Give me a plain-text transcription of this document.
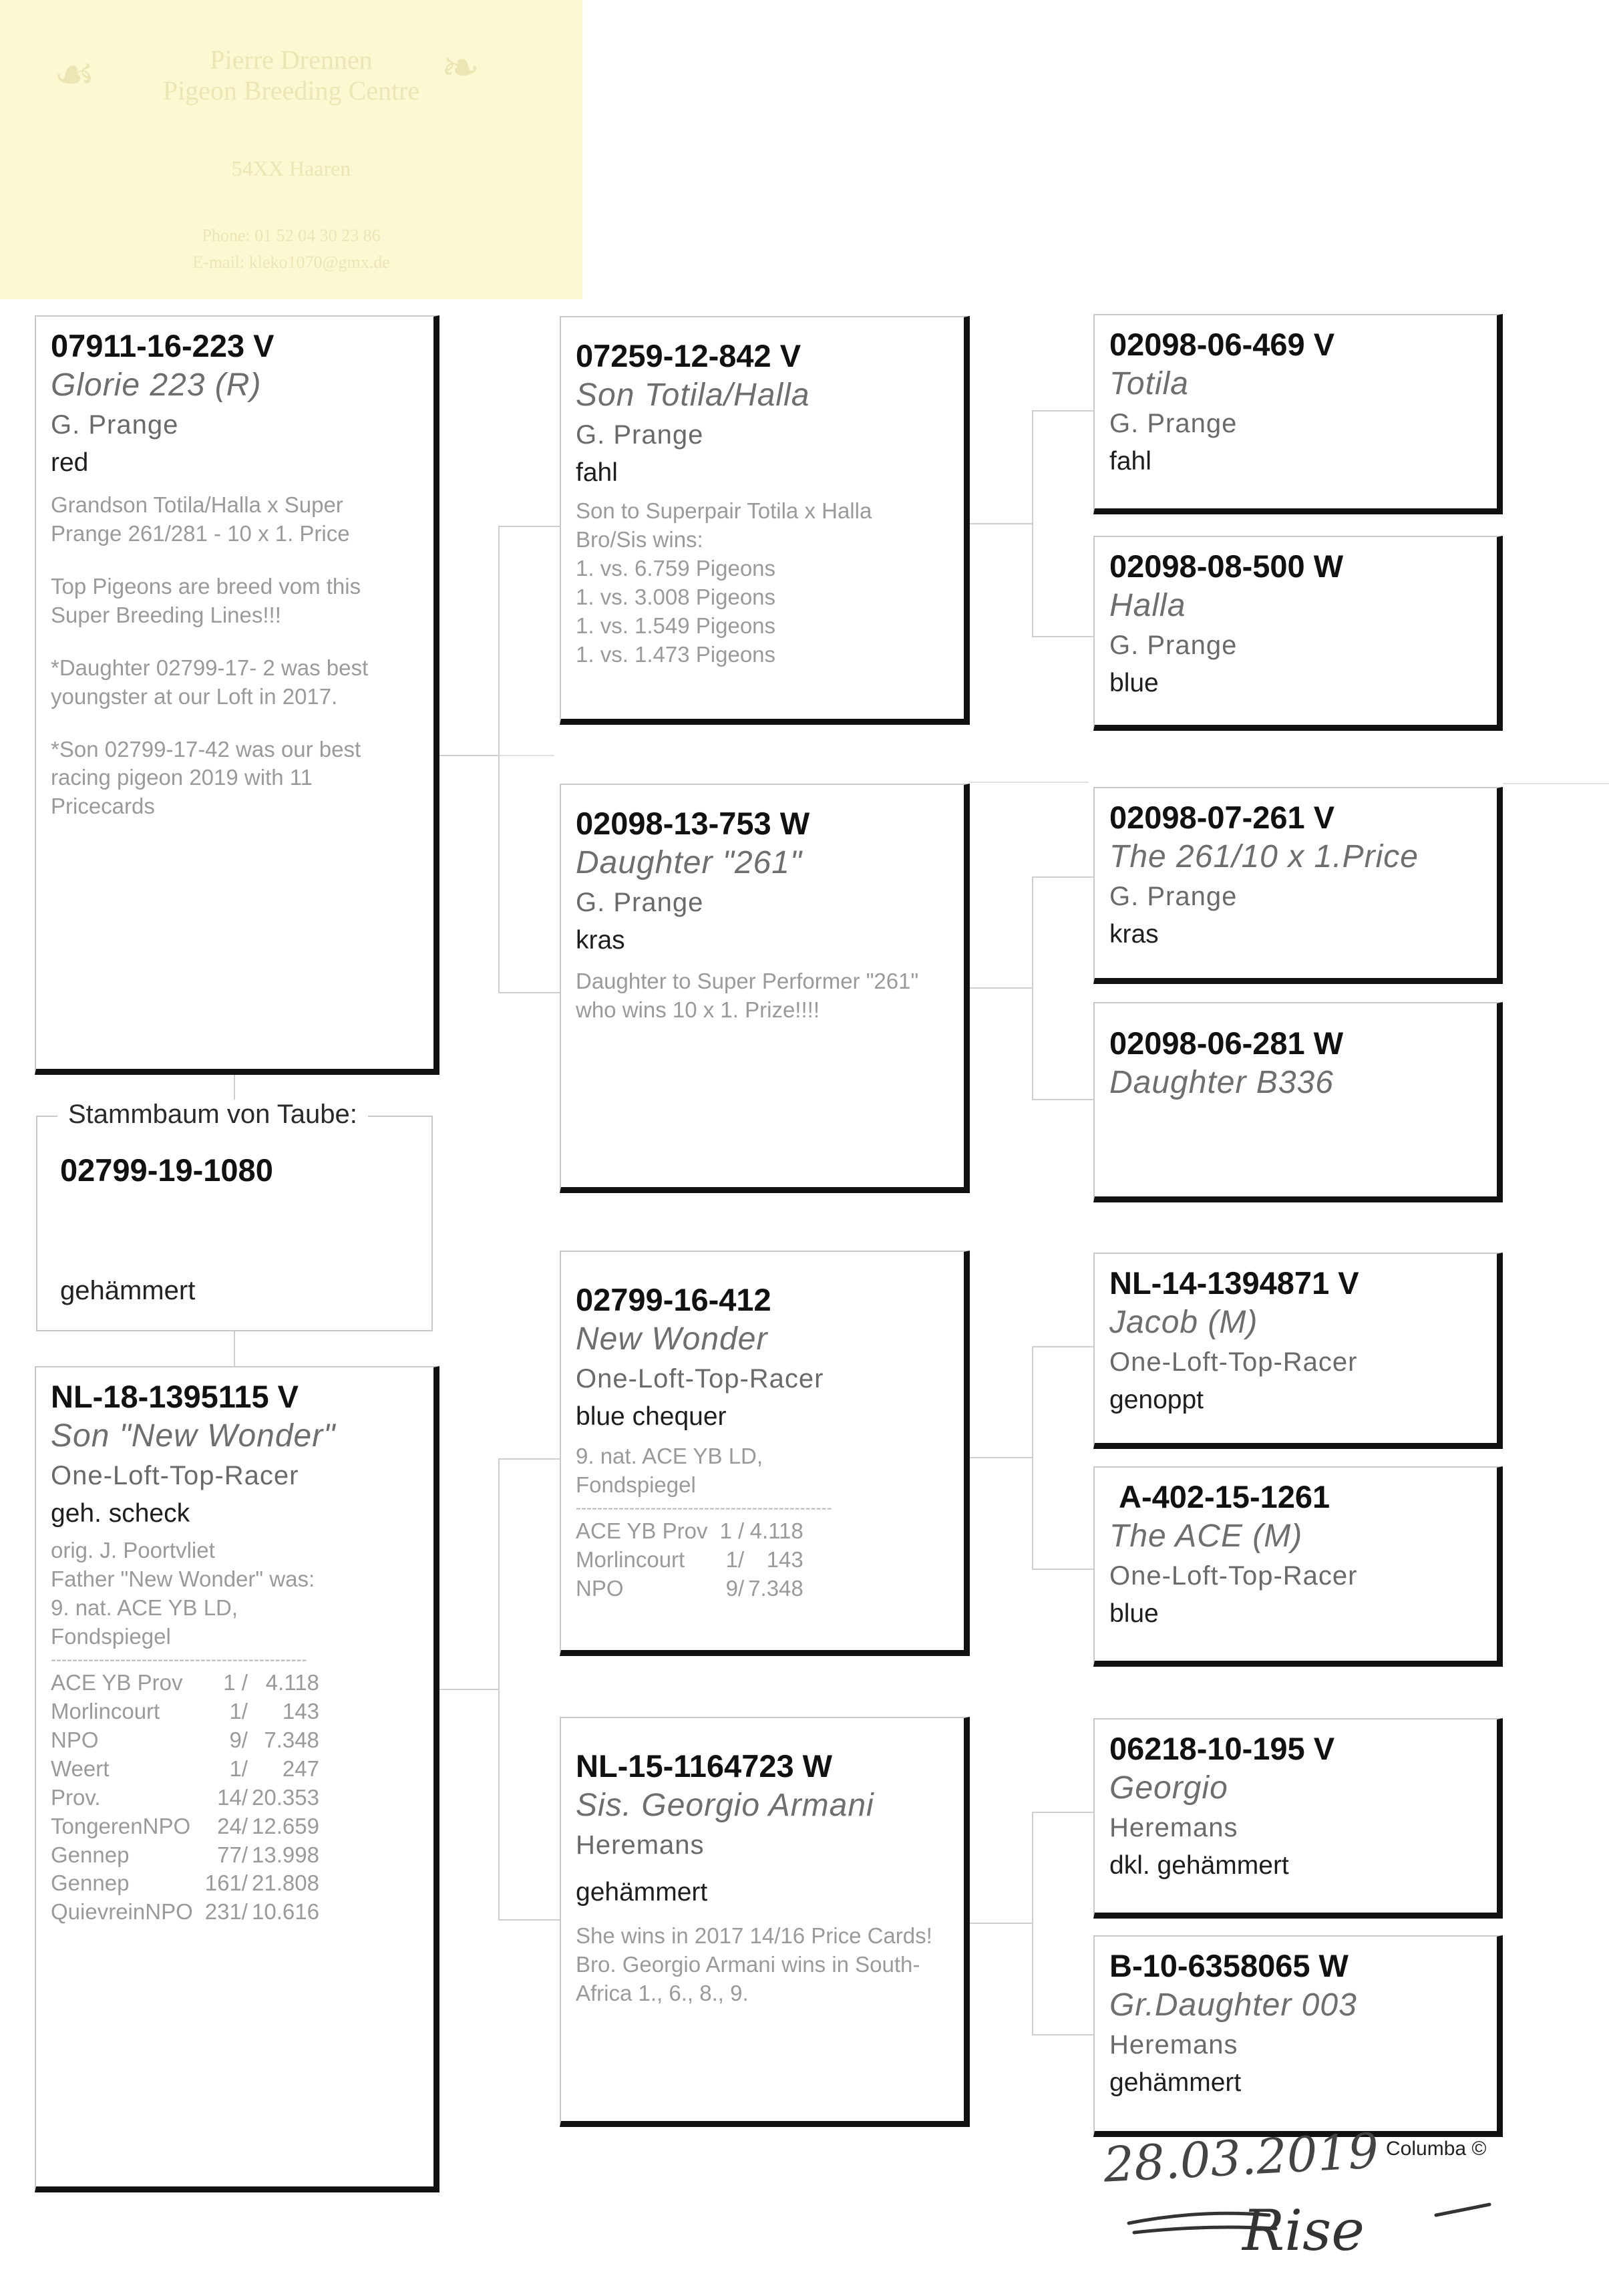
☙	❧
Pierre Drennen
Pigeon Breeding Centre
54XX Haaren
Phone: 01 52 04 30 23 86
E-mail: kleko1070@gmx.de
07911-16-223 V
Glorie 223 (R)
G. Prange
red

Grandson Totila/Halla x Super Prange 261/281 - 10 x 1. Price

Top Pigeons are breed vom this Super Breeding Lines!!!

*Daughter 02799-17- 2 was best youngster at our Loft in 2017.

*Son 02799-17-42 was our best racing pigeon 2019 with 11 Pricecards

Stammbaum von Taube:
02799-19-1080
gehämmert
NL-18-1395115 V
Son "New Wonder"
One-Loft-Top-Racer
geh. scheck

orig. J. Poortvliet

Father "New Wonder" was:

9. nat. ACE YB LD,

Fondspiegel

------------------------------------------------
ACE YB Prov	1 /	4.118
Morlincourt	1/	143
NPO	9/	7.348
Weert	1/	247
Prov.	14/	20.353
TongerenNPO	24/	12.659
Gennep	77/	13.998
Gennep	161/	21.808
QuievreinNPO	231/	10.616
07259-12-842 V
Son Totila/Halla
G. Prange
fahl

Son to Superpair Totila x Halla

Bro/Sis wins:

1. vs. 6.759 Pigeons

1. vs. 3.008 Pigeons

1. vs. 1.549 Pigeons

1. vs. 1.473 Pigeons

02098-13-753 W
Daughter "261"
G. Prange
kras

Daughter to Super Performer "261" who wins 10 x 1. Prize!!!!

02799-16-412
New Wonder
One-Loft-Top-Racer
blue chequer

9. nat. ACE YB LD,

Fondspiegel

------------------------------------------------
ACE YB Prov	1 /	4.118
Morlincourt	1/	143
NPO	9/	7.348
NL-15-1164723 W
Sis. Georgio Armani
Heremans
gehämmert

She wins in 2017 14/16 Price Cards!

Bro. Georgio Armani wins in South-Africa 1., 6., 8., 9.

02098-06-469 V
Totila
G. Prange
fahl
02098-08-500 W
Halla
G. Prange
blue
02098-07-261 V
The 261/10 x 1.Price
G. Prange
kras
02098-06-281 W
Daughter B336
NL-14-1394871 V
Jacob (M)
One-Loft-Top-Racer
genoppt
A-402-15-1261
The ACE (M)
One-Loft-Top-Racer
blue
06218-10-195 V
Georgio
Heremans
dkl. gehämmert
B-10-6358065 W
Gr.Daughter 003
Heremans
gehämmert
28.03.2019 Columba ©
Rise
